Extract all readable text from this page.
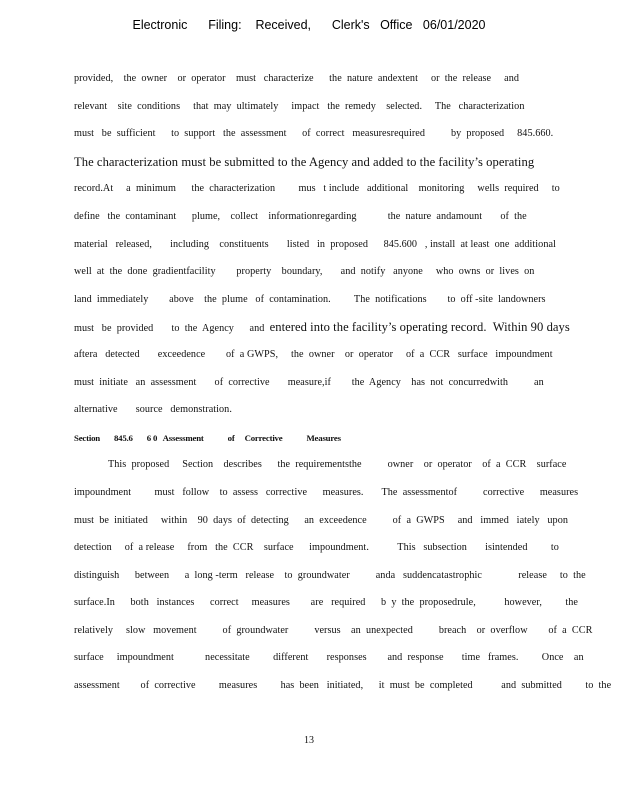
Electronic      Filing:    Received,      Clerk's   Office   06/01/2020
provided,    the  owner    or  operator    must   characterize      the  nature  andextent     or  the  release     and
relevant    site  conditions     that  may  ultimately     impact   the  remedy    selected.     The   characterization
must   be  sufficient      to  support   the  assessment      of  correct   measuresrequired          by  proposed     845.660.
The characterization must be submitted to the Agency and added to the facility’s operating
record.At     a  minimum      the  characterization         mus   t include   additional    monitoring     wells  required     to
define   the  contaminant      plume,    collect    informationregarding            the  nature  andamount       of  the
material   released,       including    constituents       listed   in  proposed      845.600   , install  at least  one  additional
well  at  the  done  gradientfacility        property    boundary,       and  notify   anyone     who  owns  or  lives  on
land  immediately        above    the  plume   of  contamination.         The  notifications        to  off -site  landowners
must   be  provided       to  the  Agency      and  entered into the facility’s operating record.  Within 90 days
aftera   detected       exceedence        of  a GWPS,     the  owner    or  operator     of  a  CCR   surface   impoundment
must  initiate   an  assessment       of  corrective       measure,if        the  Agency    has  not  concurredwith          an
alternative       source   demonstration.
Section       845.6       6 0   Assessment            of     Corrective            Measures
This  proposed     Section    describes      the  requirementsthe          owner    or  operator    of  a  CCR    surface
impoundment         must   follow    to  assess   corrective      measures.       The  assessmentof          corrective      measures
must  be  initiated     within    90  days  of  detecting      an  exceedence          of  a  GWPS     and   immed   iately   upon
detection     of  a release     from   the  CCR    surface      impoundment.           This   subsection       isintended         to
distinguish      between      a  long -term   release    to  groundwater          anda   suddencatastrophic              release     to  the
surface.In      both   instances      correct     measures        are   required      b  y  the  proposedrule,           however,         the
relatively     slow   movement          of  groundwater          versus    an  unexpected          breach    or  overflow        of  a  CCR
surface     impoundment            necessitate         different       responses        and  response       time   frames.         Once    an
assessment        of  corrective         measures         has  been   initiated,      it  must  be  completed           and  submitted         to  the
13
